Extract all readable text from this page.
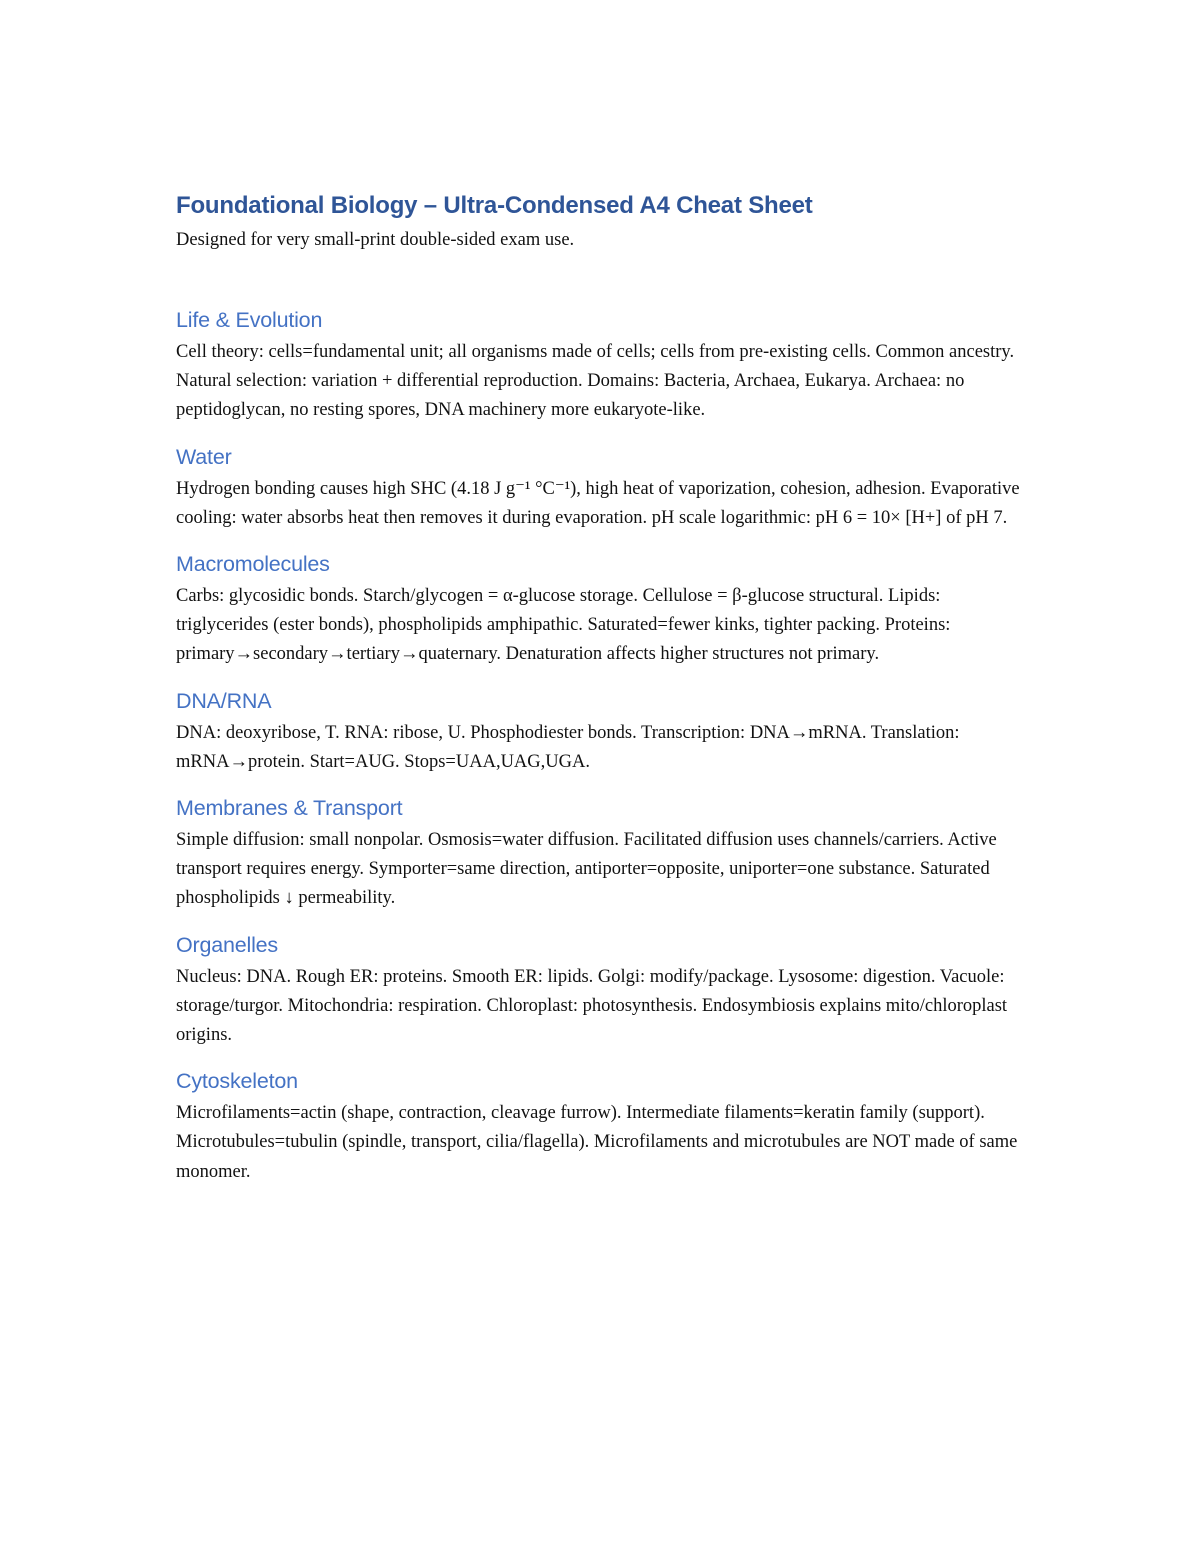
Foundational Biology – Ultra-Condensed A4 Cheat Sheet

Designed for very small-print double-sided exam use.

Life & Evolution

Cell theory: cells=fundamental unit; all organisms made of cells; cells from pre-existing cells. Common ancestry. Natural selection: variation + differential reproduction. Domains: Bacteria, Archaea, Eukarya. Archaea: no peptidoglycan, no resting spores, DNA machinery more eukaryote-like.

Water

Hydrogen bonding causes high SHC (4.18 J g⁻¹ °C⁻¹), high heat of vaporization, cohesion, adhesion. Evaporative cooling: water absorbs heat then removes it during evaporation. pH scale logarithmic: pH 6 = 10× [H+] of pH 7.

Macromolecules

Carbs: glycosidic bonds. Starch/glycogen = α-glucose storage. Cellulose = β-glucose structural. Lipids: triglycerides (ester bonds), phospholipids amphipathic. Saturated=fewer kinks, tighter packing. Proteins: primary→secondary→tertiary→quaternary. Denaturation affects higher structures not primary.

DNA/RNA

DNA: deoxyribose, T. RNA: ribose, U. Phosphodiester bonds. Transcription: DNA→mRNA. Translation: mRNA→protein. Start=AUG. Stops=UAA,UAG,UGA.

Membranes & Transport

Simple diffusion: small nonpolar. Osmosis=water diffusion. Facilitated diffusion uses channels/carriers. Active transport requires energy. Symporter=same direction, antiporter=opposite, uniporter=one substance. Saturated phospholipids ↓ permeability.

Organelles

Nucleus: DNA. Rough ER: proteins. Smooth ER: lipids. Golgi: modify/package. Lysosome: digestion. Vacuole: storage/turgor. Mitochondria: respiration. Chloroplast: photosynthesis. Endosymbiosis explains mito/chloroplast origins.

Cytoskeleton

Microfilaments=actin (shape, contraction, cleavage furrow). Intermediate filaments=keratin family (support). Microtubules=tubulin (spindle, transport, cilia/flagella). Microfilaments and microtubules are NOT made of same monomer.
